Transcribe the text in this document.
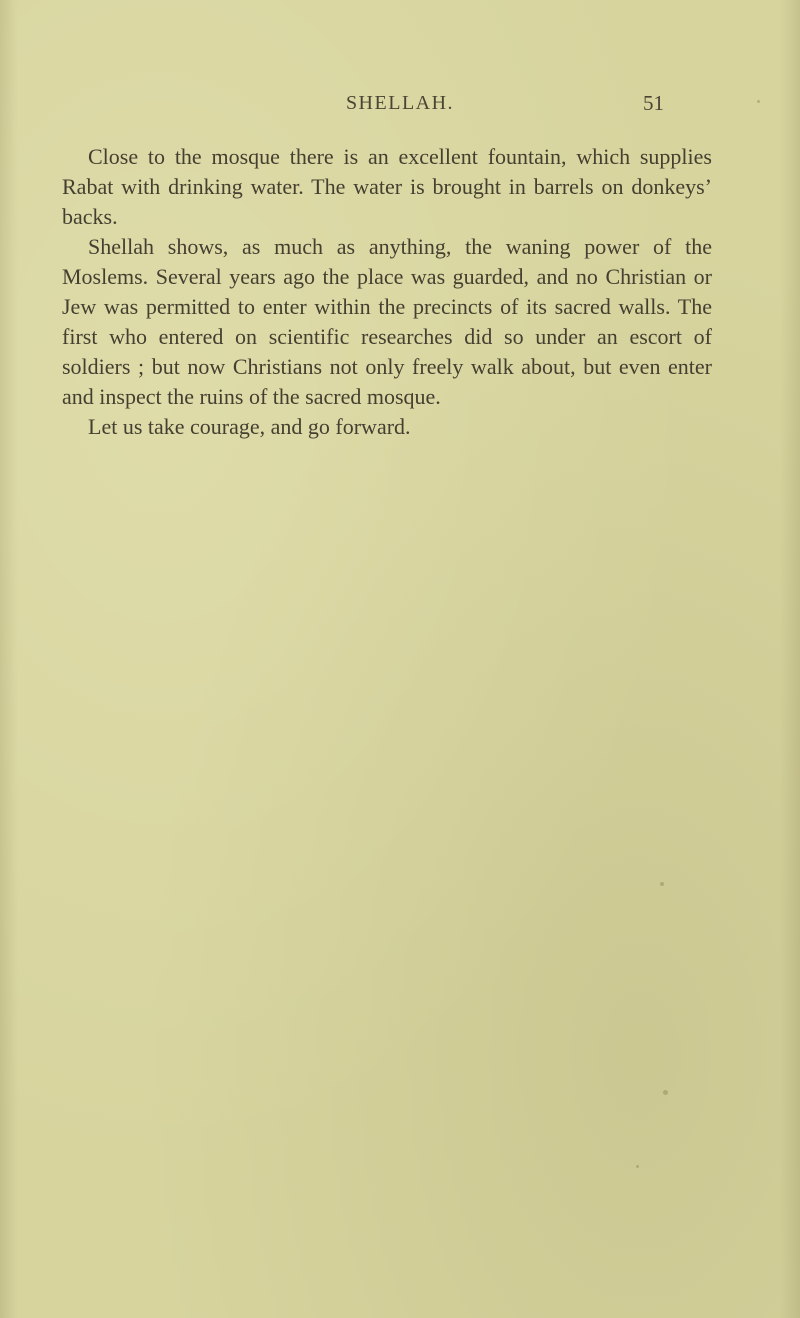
SHELLAH.	51

Close to the mosque there is an excellent fountain, which supplies Rabat with drinking water. The water is brought in barrels on donkeys’ backs.

Shellah shows, as much as anything, the waning power of the Moslems. Several years ago the place was guarded, and no Christian or Jew was permitted to enter within the precincts of its sacred walls. The first who entered on scientific researches did so under an escort of soldiers ; but now Christians not only freely walk about, but even enter and inspect the ruins of the sacred mosque.

Let us take courage, and go forward.
